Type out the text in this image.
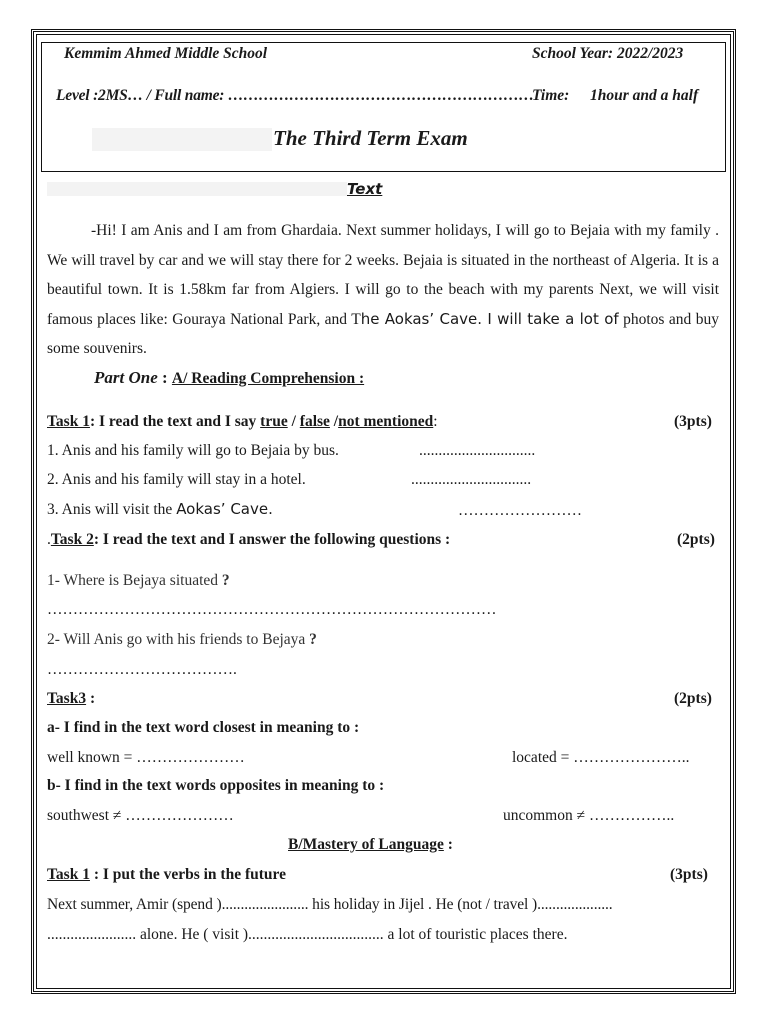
Kemmim Ahmed Middle School	School Year: 2022/2023
Level :2MS… / Full name: ……………………………………………………
Time: 1hour and a half
The Third Term Exam
Text
-Hi! I am Anis and I am from Ghardaia. Next summer holidays, I will go to Bejaia with my family . We will travel by car and we will stay there for 2 weeks. Bejaia is situated in the northeast of Algeria. It is a beautiful town. It is 1.58km far from Algiers. I will go to the beach with my parents Next, we will visit famous places like: Gouraya National Park, and The Aokas’ Cave. I will take a lot of photos and buy some souvenirs.
Part One : A/ Reading Comprehension :
Task 1: I read the text and I say true / false /not mentioned:	(3pts)
1. Anis and his family will go to Bejaia by bus.	..............................
2. Anis and his family will stay in a hotel.	...............................
3. Anis will visit the Aokas’ Cave.	……………………
.Task 2: I read the text and I answer the following questions :	(2pts)
1- Where is Bejaya situated ?
……………………………………………………………………………
2- Will Anis go with his friends to Bejaya ?
……………………………….
Task3 :	(2pts)
a- I find in the text word closest in meaning to :
well known = …………………	located = …………………..
b- I find in the text words opposites in meaning to :
southwest ≠ …………………	uncommon ≠ ……………..
B/Mastery of Language :
Task 1 : I put the verbs in the future	(3pts)
Next summer, Amir (spend )....................... his holiday in Jijel . He (not / travel )....................
....................... alone. He ( visit )................................... a lot of touristic places there.
